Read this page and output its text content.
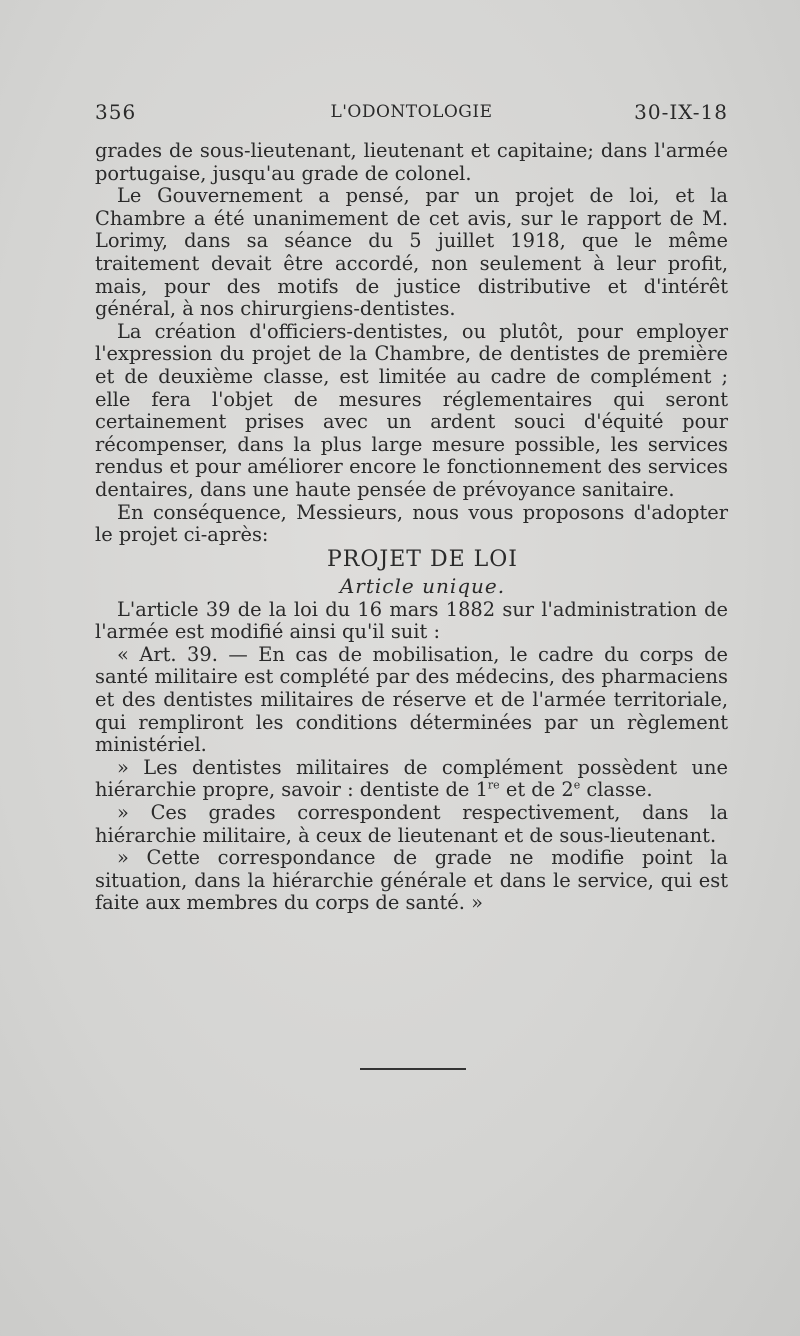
356	L'ODONTOLOGIE	30-IX-18

grades de sous-lieutenant, lieutenant et capitaine; dans l'armée portugaise, jusqu'au grade de colonel.

Le Gouvernement a pensé, par un projet de loi, et la Chambre a été unanimement de cet avis, sur le rapport de M. Lorimy, dans sa séance du 5 juillet 1918, que le même traitement devait être accordé, non seulement à leur profit, mais, pour des motifs de justice distributive et d'intérêt général, à nos chirurgiens-dentistes.

La création d'officiers-dentistes, ou plutôt, pour employer l'expression du projet de la Chambre, de dentistes de première et de deuxième classe, est limitée au cadre de complément ; elle fera l'objet de mesures réglementaires qui seront certainement prises avec un ardent souci d'équité pour récompenser, dans la plus large mesure possible, les services rendus et pour améliorer encore le fonctionnement des services dentaires, dans une haute pensée de prévoyance sanitaire.

En conséquence, Messieurs, nous vous proposons d'adopter le projet ci-après:

PROJET DE LOI

Article unique.

L'article 39 de la loi du 16 mars 1882 sur l'administration de l'armée est modifié ainsi qu'il suit :

« Art. 39. — En cas de mobilisation, le cadre du corps de santé militaire est complété par des médecins, des pharmaciens et des dentistes militaires de réserve et de l'armée territoriale, qui rempliront les conditions déterminées par un règlement ministériel.

» Les dentistes militaires de complément possèdent une hiérarchie propre, savoir : dentiste de 1re et de 2e classe.

» Ces grades correspondent respectivement, dans la hiérarchie militaire, à ceux de lieutenant et de sous-lieutenant.

» Cette correspondance de grade ne modifie point la situation, dans la hiérarchie générale et dans le service, qui est faite aux membres du corps de santé. »
